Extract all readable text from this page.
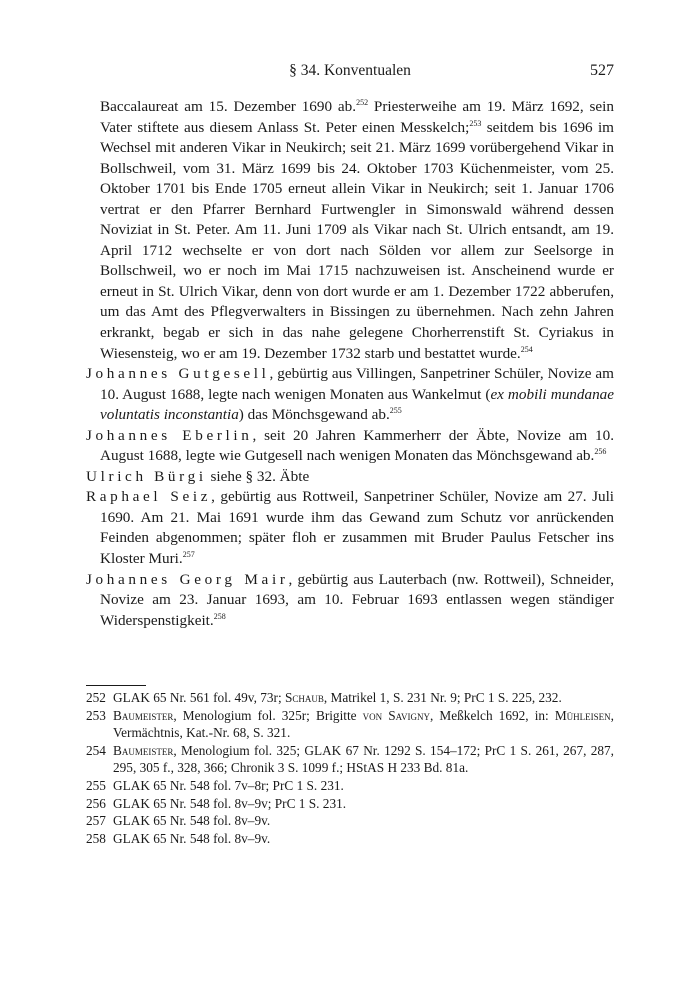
§ 34. Konventualen	527

Baccalaureat am 15. Dezember 1690 ab.$^{252}$ Priesterweihe am 19. März 1692, sein Vater stiftete aus diesem Anlass St. Peter einen Messkelch;$^{253}$ seitdem bis 1696 im Wechsel mit anderen Vikar in Neukirch; seit 21. März 1699 vorübergehend Vikar in Bollschweil, vom 31. März 1699 bis 24. Oktober 1703 Küchenmeister, vom 25. Oktober 1701 bis Ende 1705 erneut allein Vikar in Neukirch; seit 1. Januar 1706 vertrat er den Pfarrer Bernhard Furtwengler in Simonswald während dessen Noviziat in St. Peter. Am 11. Juni 1709 als Vikar nach St. Ulrich entsandt, am 19. April 1712 wechselte er von dort nach Sölden vor allem zur Seelsorge in Bollschweil, wo er noch im Mai 1715 nachzuweisen ist. Anscheinend wurde er erneut in St. Ulrich Vikar, denn von dort wurde er am 1. Dezember 1722 abberufen, um das Amt des Pflegverwalters in Bissingen zu übernehmen. Nach zehn Jahren erkrankt, begab er sich in das nahe gelegene Chorherrenstift St. Cyriakus in Wiesensteig, wo er am 19. Dezember 1732 starb und bestattet wurde.$^{254}$

Johannes Gutgesell, gebürtig aus Villingen, Sanpetriner Schüler, Novize am 10. August 1688, legte nach wenigen Monaten aus Wankelmut (ex mobili mundanae voluntatis inconstantia) das Mönchsgewand ab.$^{255}$

Johannes Eberlin, seit 20 Jahren Kammerherr der Äbte, Novize am 10. August 1688, legte wie Gutgesell nach wenigen Monaten das Mönchsgewand ab.$^{256}$

Ulrich Bürgi siehe § 32. Äbte

Raphael Seiz, gebürtig aus Rottweil, Sanpetriner Schüler, Novize am 27. Juli 1690. Am 21. Mai 1691 wurde ihm das Gewand zum Schutz vor anrückenden Feinden abgenommen; später floh er zusammen mit Bruder Paulus Fetscher ins Kloster Muri.$^{257}$

Johannes Georg Mair, gebürtig aus Lauterbach (nw. Rottweil), Schneider, Novize am 23. Januar 1693, am 10. Februar 1693 entlassen wegen ständiger Widerspenstigkeit.$^{258}$

252 GLAK 65 Nr. 561 fol. 49v, 73r; Schaub, Matrikel 1, S. 231 Nr. 9; PrC 1 S. 225, 232.

253 Baumeister, Menologium fol. 325r; Brigitte von Savigny, Meßkelch 1692, in: Mühleisen, Vermächtnis, Kat.-Nr. 68, S. 321.

254 Baumeister, Menologium fol. 325; GLAK 67 Nr. 1292 S. 154–172; PrC 1 S. 261, 267, 287, 295, 305 f., 328, 366; Chronik 3 S. 1099 f.; HStAS H 233 Bd. 81a.

255 GLAK 65 Nr. 548 fol. 7v–8r; PrC 1 S. 231.

256 GLAK 65 Nr. 548 fol. 8v–9v; PrC 1 S. 231.

257 GLAK 65 Nr. 548 fol. 8v–9v.

258 GLAK 65 Nr. 548 fol. 8v–9v.
